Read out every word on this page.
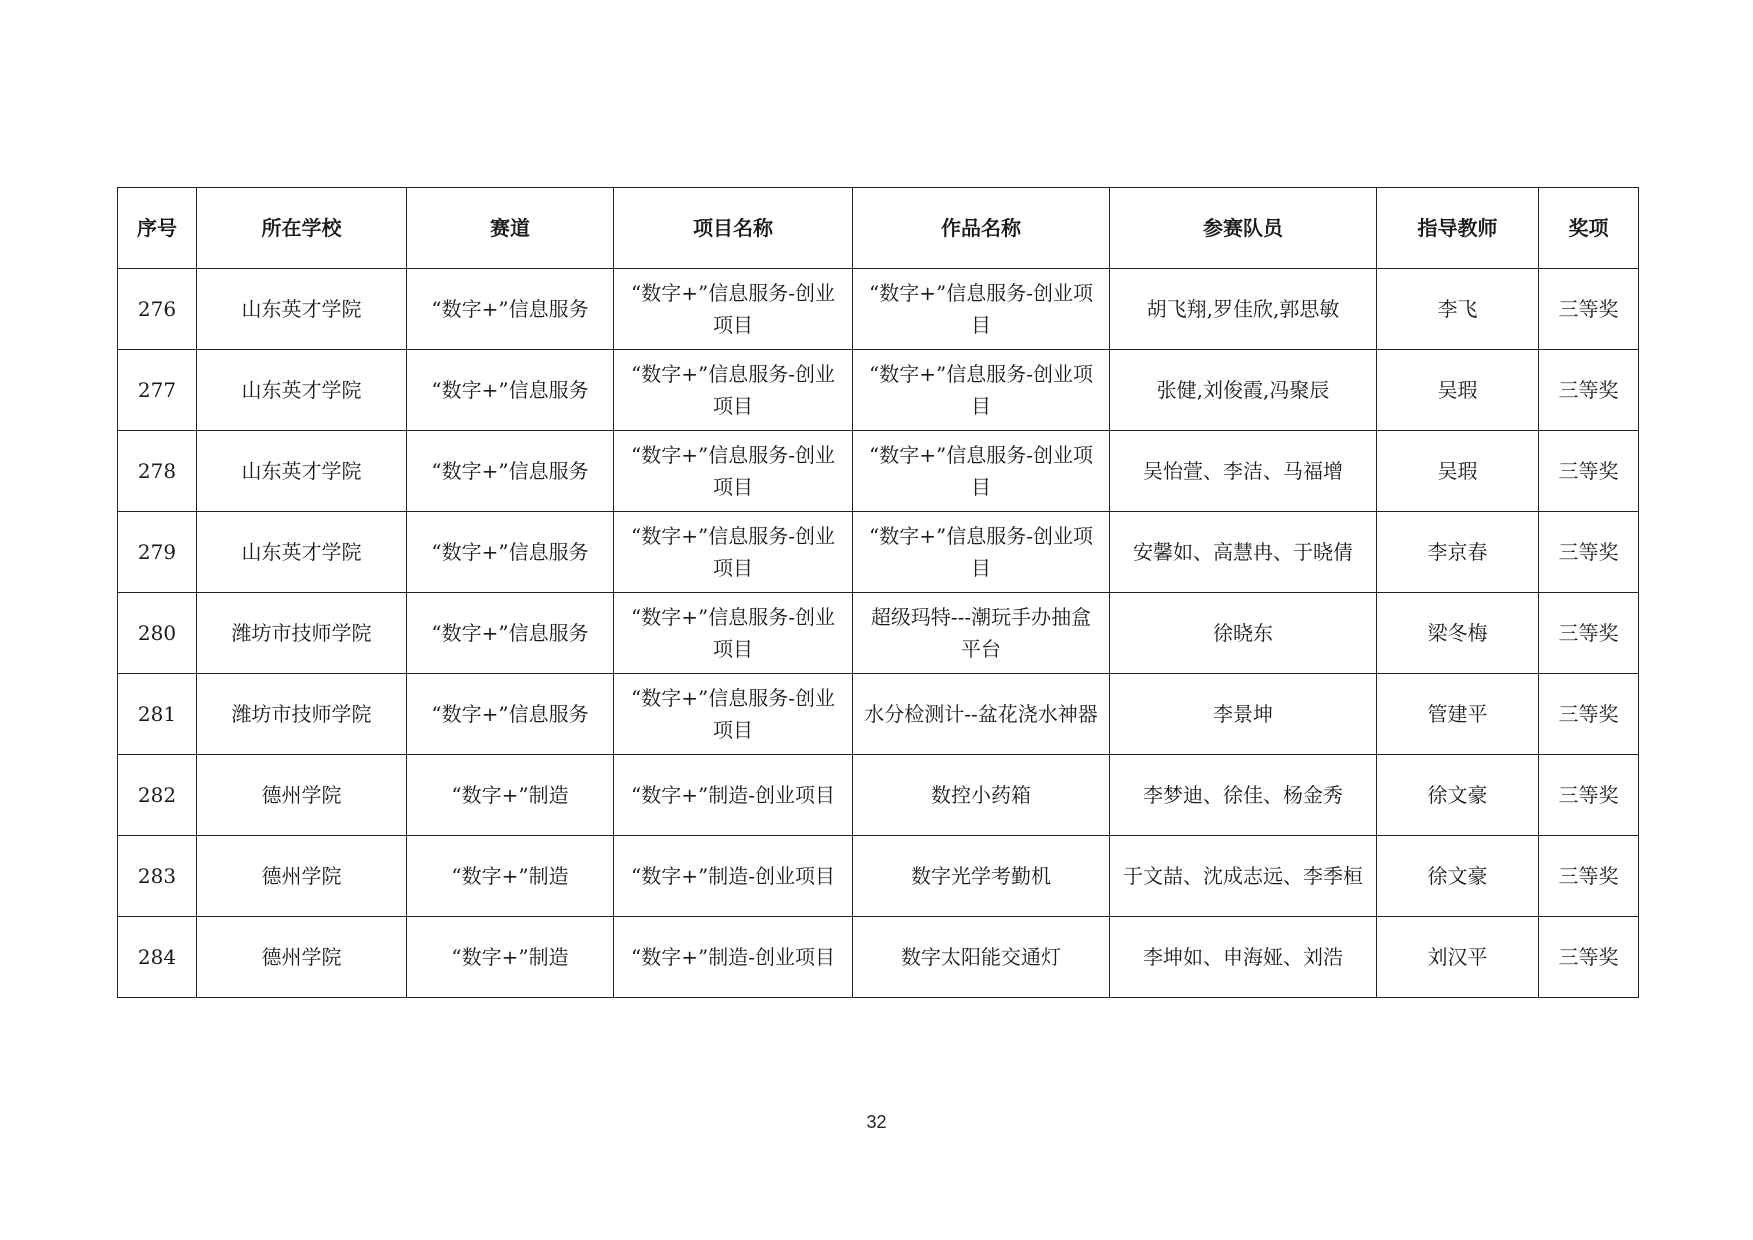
序号	所在学校	赛道	项目名称	作品名称	参赛队员	指导教师	奖项
276	山东英才学院	“数字+”信息服务	“数字+”信息服务-创业项目	“数字+”信息服务-创业项目	胡飞翔,罗佳欣,郭思敏	李飞	三等奖
277	山东英才学院	“数字+”信息服务	“数字+”信息服务-创业项目	“数字+”信息服务-创业项目	张健,刘俊霞,冯聚辰	吴瑕	三等奖
278	山东英才学院	“数字+”信息服务	“数字+”信息服务-创业项目	“数字+”信息服务-创业项目	吴怡萱、李洁、马福增	吴瑕	三等奖
279	山东英才学院	“数字+”信息服务	“数字+”信息服务-创业项目	“数字+”信息服务-创业项目	安馨如、高慧冉、于晓倩	李京春	三等奖
280	潍坊市技师学院	“数字+”信息服务	“数字+”信息服务-创业项目	超级玛特---潮玩手办抽盒平台	徐晓东	梁冬梅	三等奖
281	潍坊市技师学院	“数字+”信息服务	“数字+”信息服务-创业项目	水分检测计--盆花浇水神器	李景坤	管建平	三等奖
282	德州学院	“数字+”制造	“数字+”制造-创业项目	数控小药箱	李梦迪、徐佳、杨金秀	徐文豪	三等奖
283	德州学院	“数字+”制造	“数字+”制造-创业项目	数字光学考勤机	于文喆、沈成志远、李季桓	徐文豪	三等奖
284	德州学院	“数字+”制造	“数字+”制造-创业项目	数字太阳能交通灯	李坤如、申海娅、刘浩	刘汉平	三等奖
32
